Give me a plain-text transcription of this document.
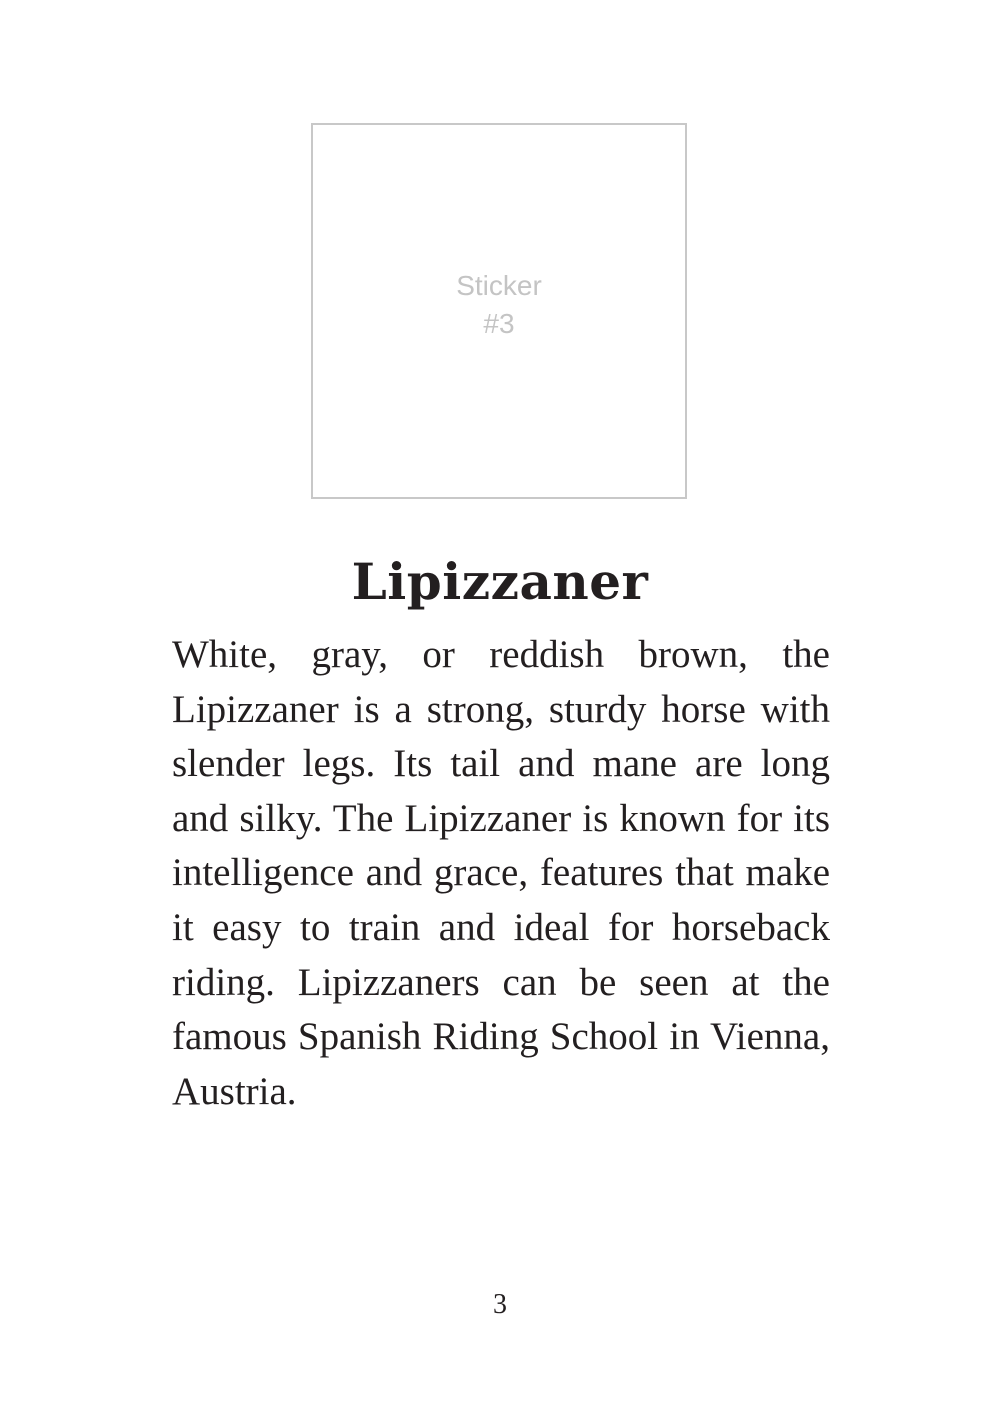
Sticker
#3
Lipizzaner

White, gray, or reddish brown, the Lipizzaner is a strong, sturdy horse with slender legs. Its tail and mane are long and silky. The Lipizzaner is known for its intelligence and grace, features that make it easy to train and ideal for horseback riding. Lipizzaners can be seen at the famous Spanish Riding School in Vienna, Austria.

3
